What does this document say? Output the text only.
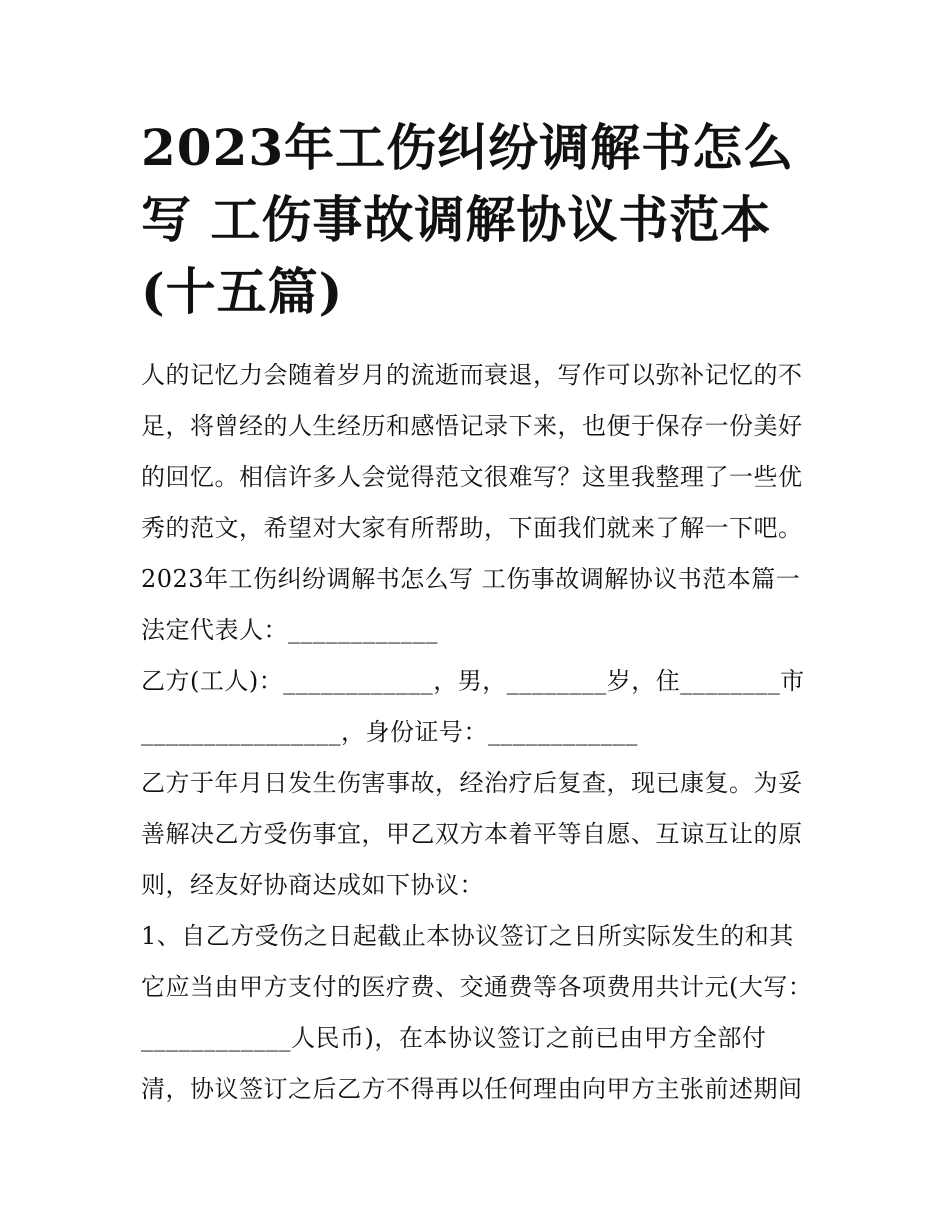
2023年工伤纠纷调解书怎么写 工伤事故调解协议书范本(十五篇)

人的记忆力会随着岁月的流逝而衰退，写作可以弥补记忆的不足，将曾经的人生经历和感悟记录下来，也便于保存一份美好的回忆。相信许多人会觉得范文很难写？这里我整理了一些优秀的范文，希望对大家有所帮助，下面我们就来了解一下吧。

2023年工伤纠纷调解书怎么写 工伤事故调解协议书范本篇一

法定代表人：____________

乙方(工人)：____________，男，________岁，住________市

________________，身份证号：____________

乙方于年月日发生伤害事故，经治疗后复查，现已康复。为妥善解决乙方受伤事宜，甲乙双方本着平等自愿、互谅互让的原则，经友好协商达成如下协议：

1、自乙方受伤之日起截止本协议签订之日所实际发生的和其它应当由甲方支付的医疗费、交通费等各项费用共计元(大写：____________人民币)，在本协议签订之前已由甲方全部付清，协议签订之后乙方不得再以任何理由向甲方主张前述期间
